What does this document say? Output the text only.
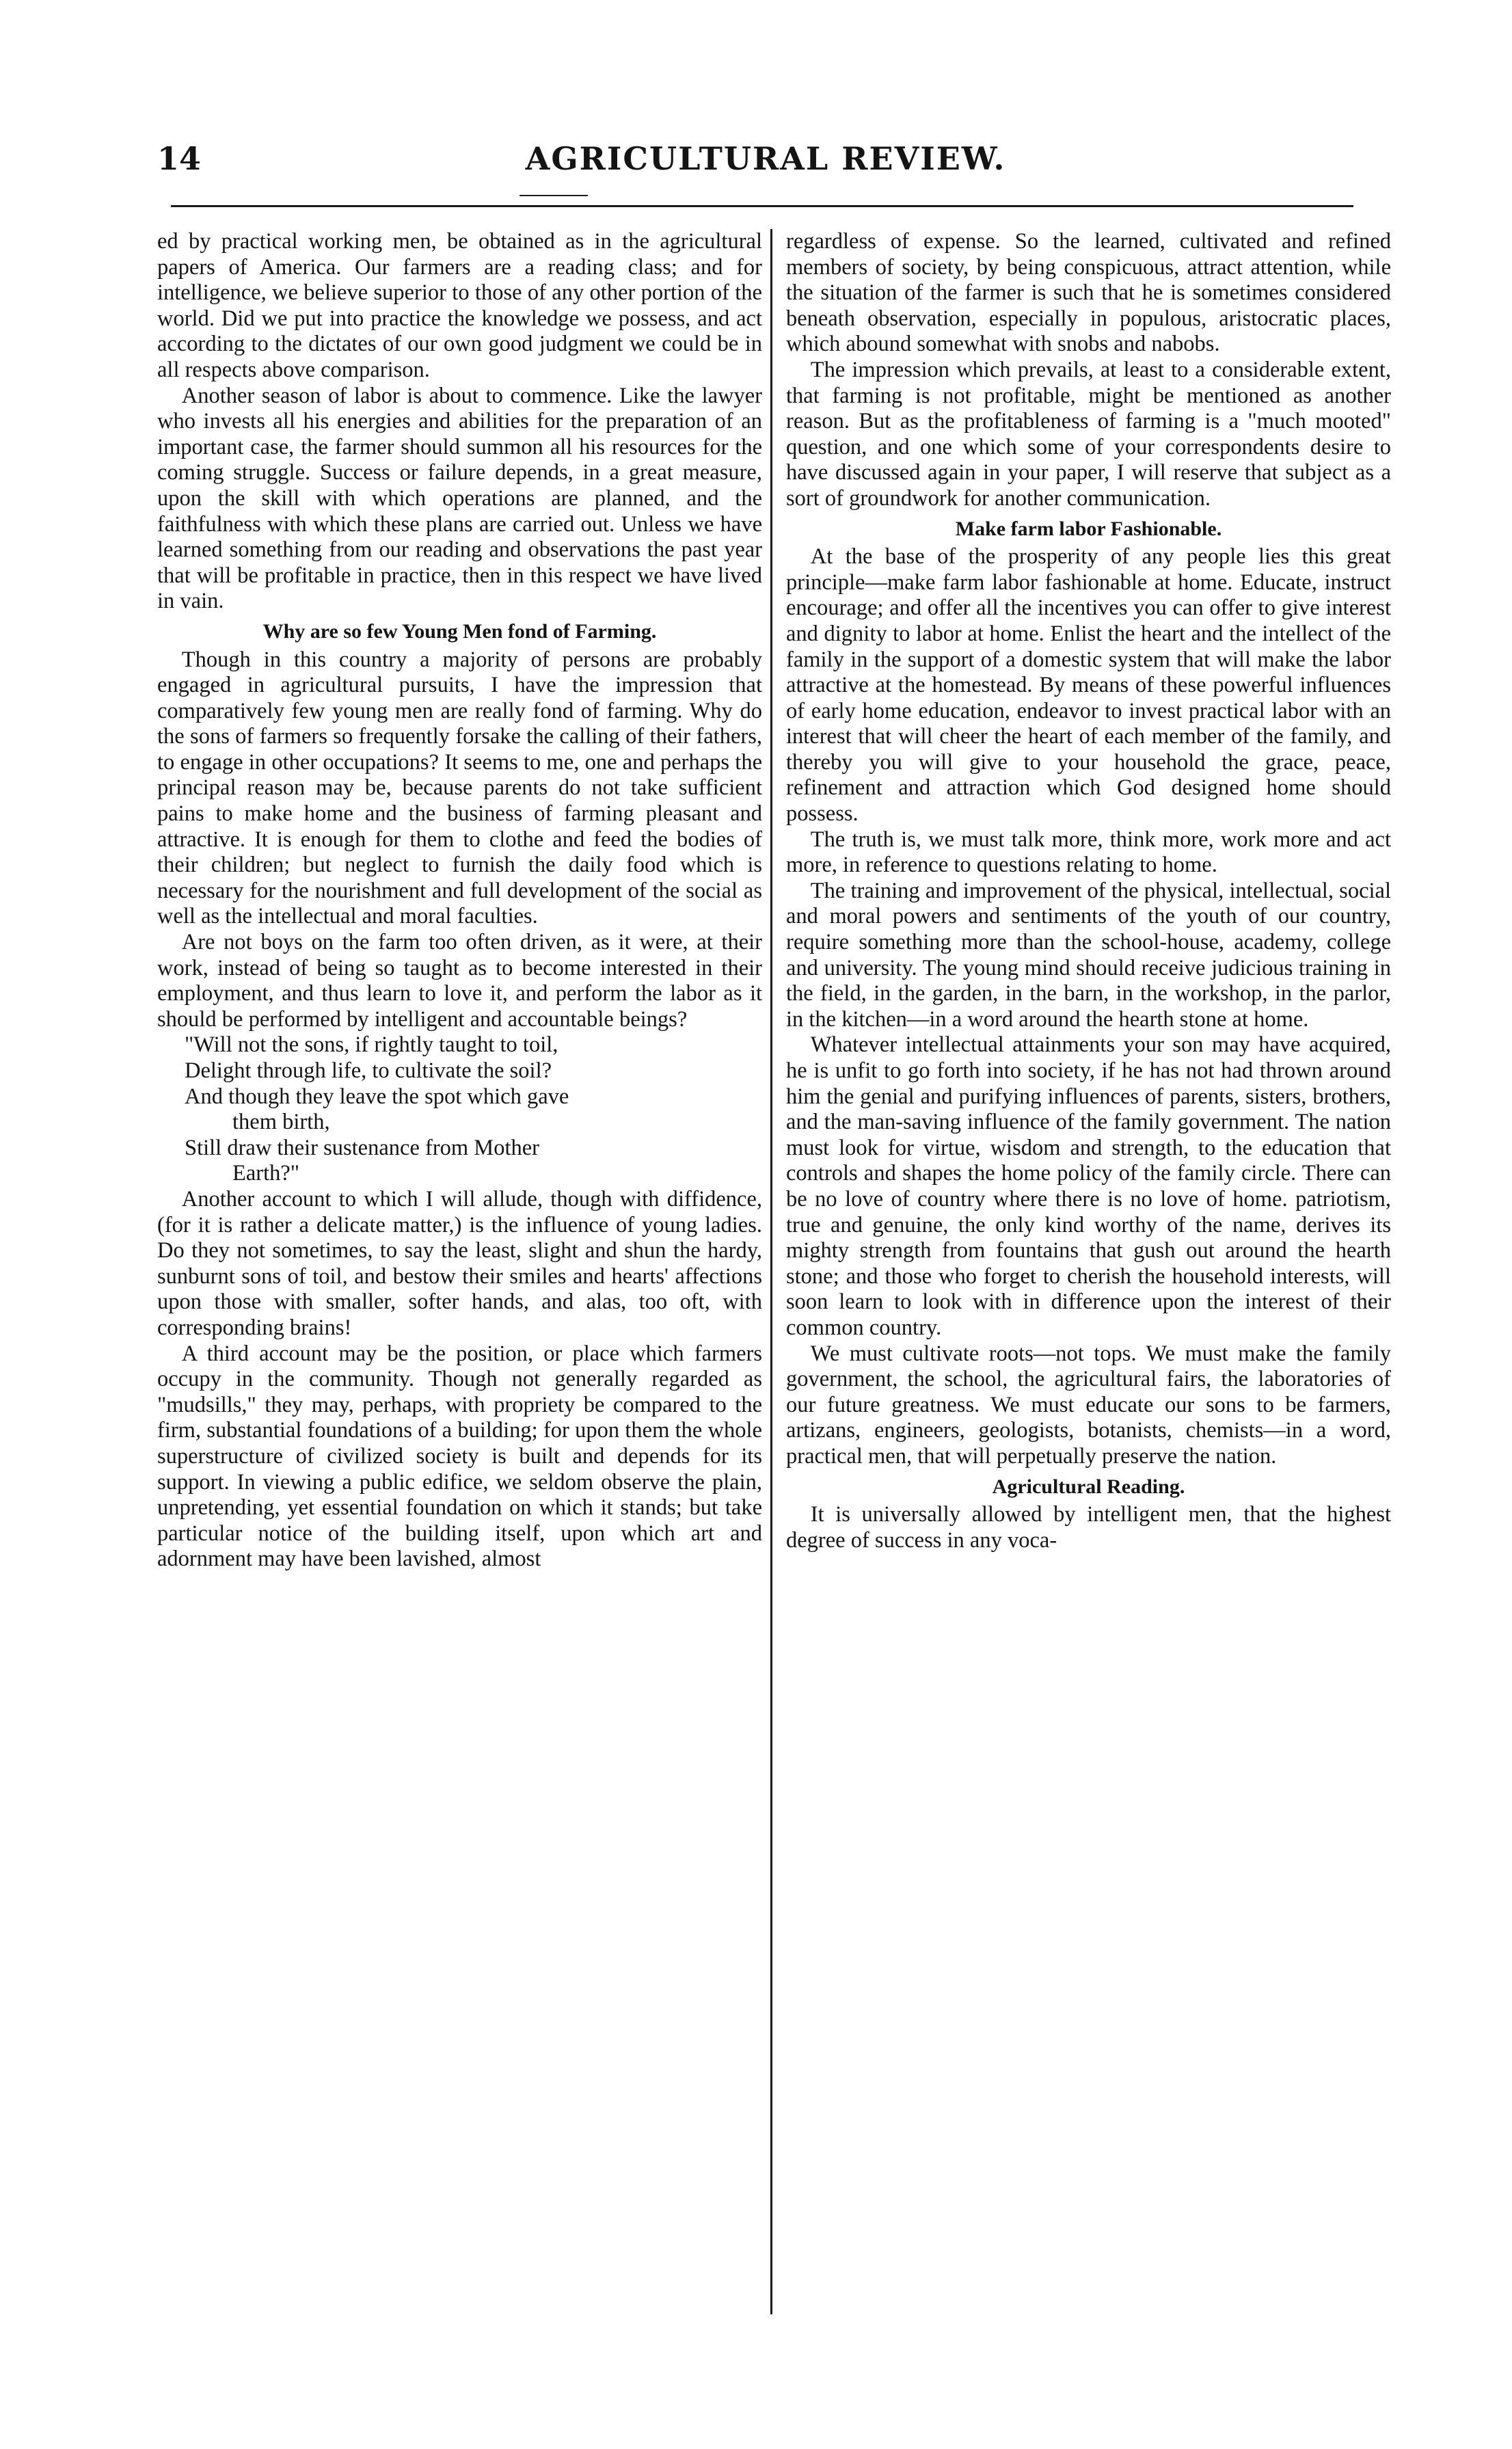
14	AGRICULTURAL REVIEW.

ed by practical working men, be obtained as in the agricultural papers of America. Our farmers are a reading class; and for intelligence, we believe superior to those of any other portion of the world. Did we put into practice the knowledge we possess, and act according to the dictates of our own good judgment we could be in all respects above comparison.

Another season of labor is about to commence. Like the lawyer who invests all his energies and abilities for the preparation of an important case, the farmer should summon all his resources for the coming struggle. Success or failure depends, in a great measure, upon the skill with which operations are planned, and the faithfulness with which these plans are carried out. Unless we have learned something from our reading and observations the past year that will be profitable in practice, then in this respect we have lived in vain.

Why are so few Young Men fond of Farming.

Though in this country a majority of persons are probably engaged in agricultural pursuits, I have the impression that comparatively few young men are really fond of farming. Why do the sons of farmers so frequently forsake the calling of their fathers, to engage in other occupations? It seems to me, one and perhaps the principal reason may be, because parents do not take sufficient pains to make home and the business of farming pleasant and attractive. It is enough for them to clothe and feed the bodies of their children; but neglect to furnish the daily food which is necessary for the nourishment and full development of the social as well as the intellectual and moral faculties.

Are not boys on the farm too often driven, as it were, at their work, instead of being so taught as to become interested in their employment, and thus learn to love it, and perform the labor as it should be performed by intelligent and accountable beings?

"Will not the sons, if rightly taught to toil,
Delight through life, to cultivate the soil?
And though they leave the spot which gave
them birth,
Still draw their sustenance from Mother
Earth?"

Another account to which I will allude, though with diffidence, (for it is rather a delicate matter,) is the influence of young ladies. Do they not sometimes, to say the least, slight and shun the hardy, sunburnt sons of toil, and bestow their smiles and hearts' affections upon those with smaller, softer hands, and alas, too oft, with corresponding brains!

A third account may be the position, or place which farmers occupy in the community. Though not generally regarded as "mudsills," they may, perhaps, with propriety be compared to the firm, substantial foundations of a building; for upon them the whole superstructure of civilized society is built and depends for its support. In viewing a public edifice, we seldom observe the plain, unpretending, yet essential foundation on which it stands; but take particular notice of the building itself, upon which art and adornment may have been lavished, almost

regardless of expense. So the learned, cultivated and refined members of society, by being conspicuous, attract attention, while the situation of the farmer is such that he is sometimes considered beneath observation, especially in populous, aristocratic places, which abound somewhat with snobs and nabobs.

The impression which prevails, at least to a considerable extent, that farming is not profitable, might be mentioned as another reason. But as the profitableness of farming is a "much mooted" question, and one which some of your correspondents desire to have discussed again in your paper, I will reserve that subject as a sort of groundwork for another communication.

Make farm labor Fashionable.

At the base of the prosperity of any people lies this great principle—make farm labor fashionable at home. Educate, instruct encourage; and offer all the incentives you can offer to give interest and dignity to labor at home. Enlist the heart and the intellect of the family in the support of a domestic system that will make the labor attractive at the homestead. By means of these powerful influences of early home education, endeavor to invest practical labor with an interest that will cheer the heart of each member of the family, and thereby you will give to your household the grace, peace, refinement and attraction which God designed home should possess.

The truth is, we must talk more, think more, work more and act more, in reference to questions relating to home.

The training and improvement of the physical, intellectual, social and moral powers and sentiments of the youth of our country, require something more than the school-house, academy, college and university. The young mind should receive judicious training in the field, in the garden, in the barn, in the workshop, in the parlor, in the kitchen—in a word around the hearth stone at home.

Whatever intellectual attainments your son may have acquired, he is unfit to go forth into society, if he has not had thrown around him the genial and purifying influences of parents, sisters, brothers, and the man-saving influence of the family government. The nation must look for virtue, wisdom and strength, to the education that controls and shapes the home policy of the family circle. There can be no love of country where there is no love of home. patriotism, true and genuine, the only kind worthy of the name, derives its mighty strength from fountains that gush out around the hearth stone; and those who forget to cherish the household interests, will soon learn to look with in difference upon the interest of their common country.

We must cultivate roots—not tops. We must make the family government, the school, the agricultural fairs, the laboratories of our future greatness. We must educate our sons to be farmers, artizans, engineers, geologists, botanists, chemists—in a word, practical men, that will perpetually preserve the nation.

Agricultural Reading.

It is universally allowed by intelligent men, that the highest degree of success in any voca-
